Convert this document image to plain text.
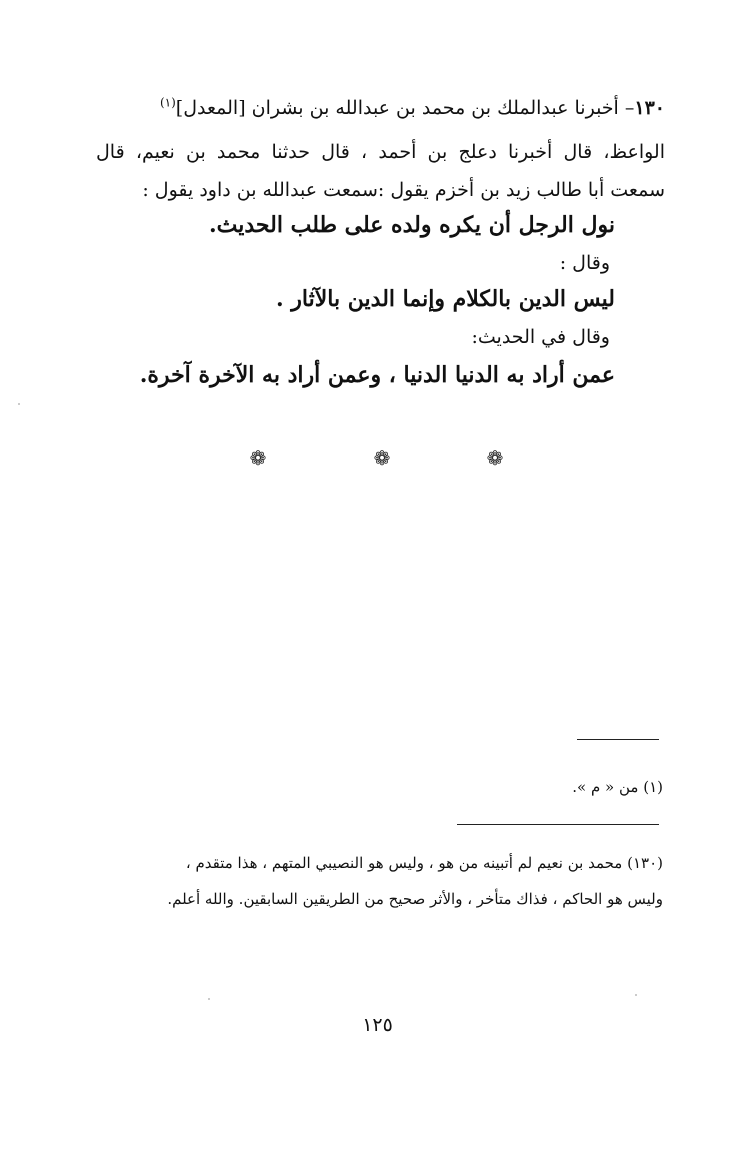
١٣٠– أخبرنا عبدالملك بن محمد بن عبدالله بن بشران [المعدل]$^{(١)}$
الواعظ، قال أخبرنا دعلج بن أحمد ، قال حدثنا محمد بن نعيم، قال
سمعت أبا طالب زيد بن أخزم يقول :سمعت عبدالله بن داود يقول :
نول الرجل أن يكره ولده على طلب الحديث.
وقال :
ليس الدين بالكلام وإنما الدين بالآثار .
وقال في الحديث:
عمن أراد به الدنيا الدنيا ، وعمن أراد به الآخرة آخرة.
❁	❁	❁
(١) من « م ».
(١٣٠) محمد بن نعيم لم أتبينه من هو ، وليس هو النصيبي المتهم ، هذا متقدم ،
وليس هو الحاكم ، فذاك متأخر ، والأثر صحيح من الطريقين السابقين. والله أعلم.
١٢٥
